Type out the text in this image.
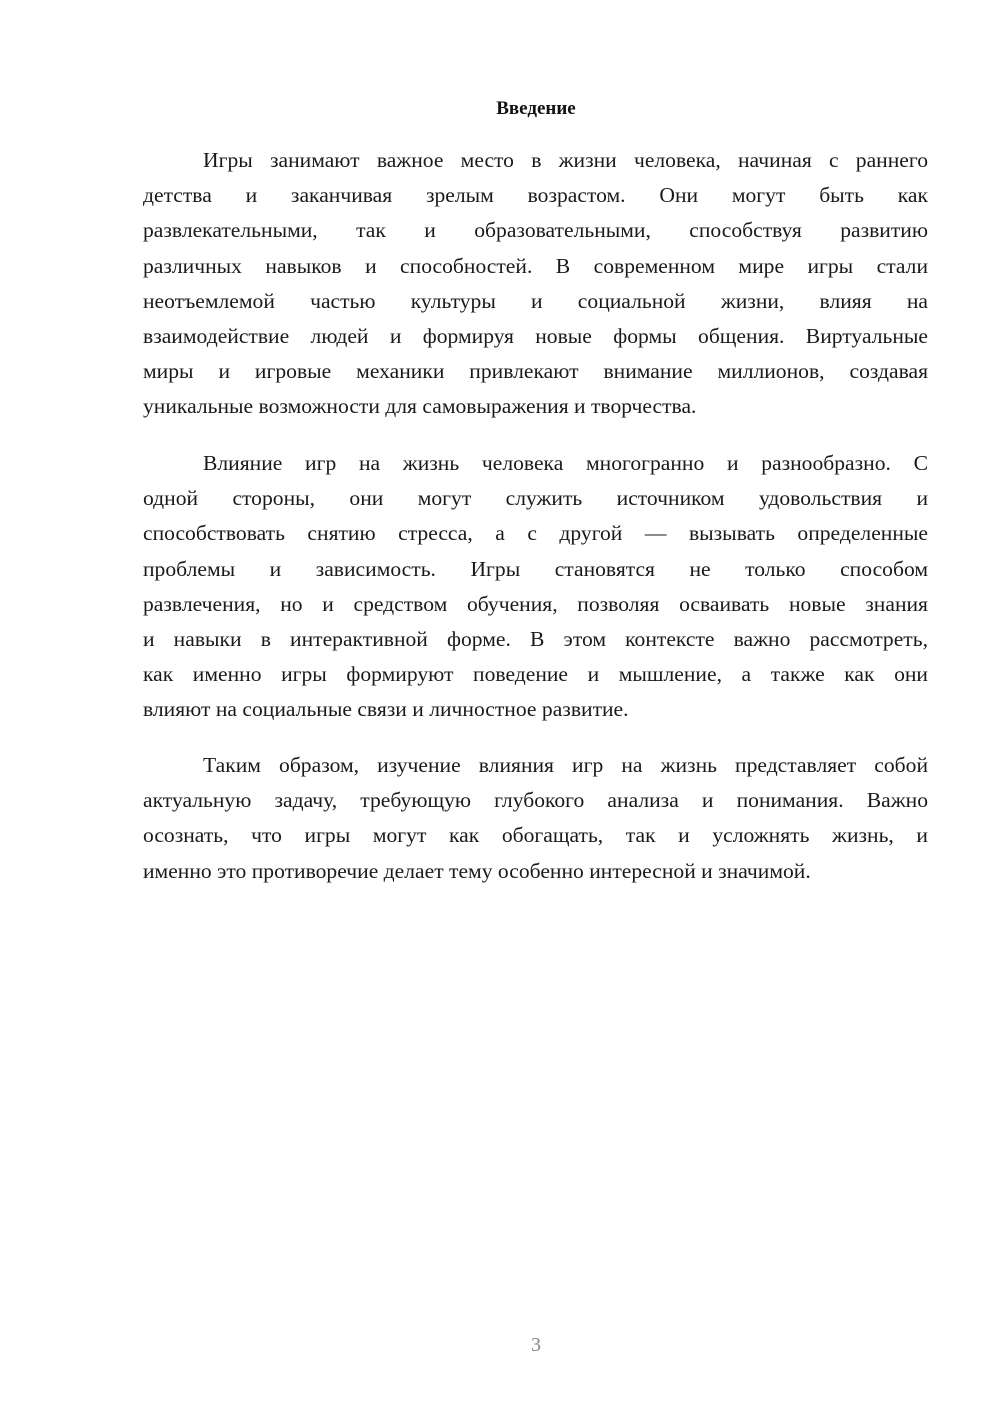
Введение
Игры занимают важное место в жизни человека, начиная с раннего
детства и заканчивая зрелым возрастом. Они могут быть как
развлекательными, так и образовательными, способствуя развитию
различных навыков и способностей. В современном мире игры стали
неотъемлемой частью культуры и социальной жизни, влияя на
взаимодействие людей и формируя новые формы общения. Виртуальные
миры и игровые механики привлекают внимание миллионов, создавая
уникальные возможности для самовыражения и творчества.
Влияние игр на жизнь человека многогранно и разнообразно. С
одной стороны, они могут служить источником удовольствия и
способствовать снятию стресса, а с другой — вызывать определенные
проблемы и зависимость. Игры становятся не только способом
развлечения, но и средством обучения, позволяя осваивать новые знания
и навыки в интерактивной форме. В этом контексте важно рассмотреть,
как именно игры формируют поведение и мышление, а также как они
влияют на социальные связи и личностное развитие.
Таким образом, изучение влияния игр на жизнь представляет собой
актуальную задачу, требующую глубокого анализа и понимания. Важно
осознать, что игры могут как обогащать, так и усложнять жизнь, и
именно это противоречие делает тему особенно интересной и значимой.
3
